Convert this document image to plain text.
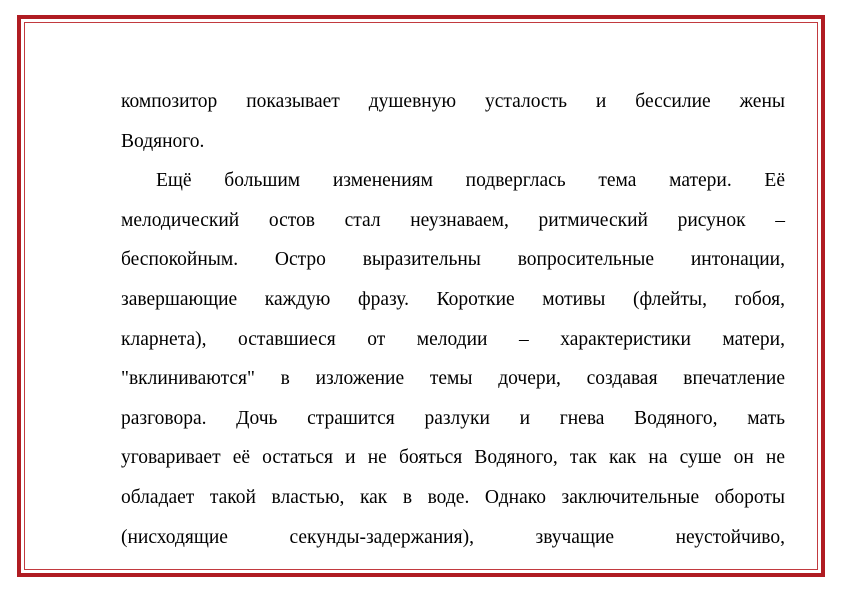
композитор показывает душевную усталость и бессилие жены
Водяного.
Ещё большим изменениям подверглась тема матери. Её
мелодический остов стал неузнаваем, ритмический рисунок –
беспокойным. Остро выразительны вопросительные интонации,
завершающие каждую фразу. Короткие мотивы (флейты, гобоя,
кларнета), оставшиеся от мелодии – характеристики матери,
"вклиниваются" в изложение темы дочери, создавая впечатление
разговора. Дочь страшится разлуки и гнева Водяного, мать
уговаривает её остаться и не бояться Водяного, так как на суше он не
обладает такой властью, как в воде. Однако заключительные обороты
(нисходящие секунды-задержания), звучащие неустойчиво,
